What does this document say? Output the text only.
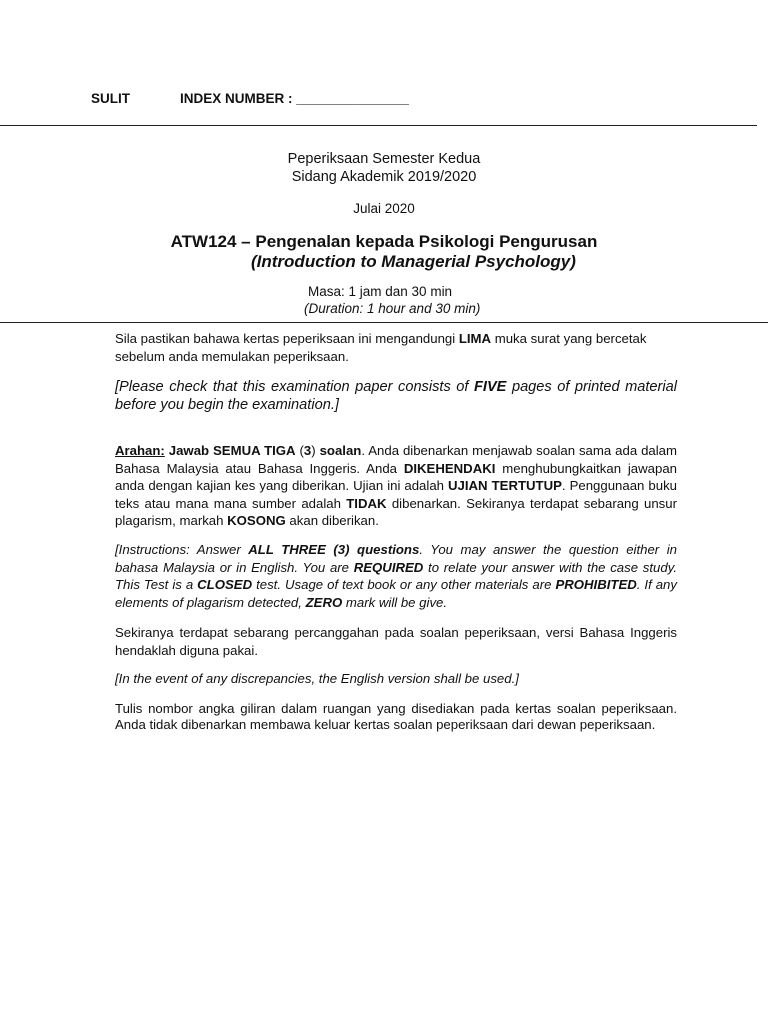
SULIT	INDEX NUMBER : _______________
Peperiksaan Semester Kedua
Sidang Akademik 2019/2020
Julai 2020
ATW124 – Pengenalan kepada Psikologi Pengurusan
(Introduction to Managerial Psychology)
Masa: 1 jam dan 30 min
(Duration: 1 hour and 30 min)
Sila pastikan bahawa kertas peperiksaan ini mengandungi LIMA muka surat yang bercetak sebelum anda memulakan peperiksaan.
[Please check that this examination paper consists of FIVE pages of printed material before you begin the examination.]
Arahan: Jawab SEMUA TIGA (3) soalan. Anda dibenarkan menjawab soalan sama ada dalam Bahasa Malaysia atau Bahasa Inggeris. Anda DIKEHENDAKI menghubungkaitkan jawapan anda dengan kajian kes yang diberikan. Ujian ini adalah UJIAN TERTUTUP. Penggunaan buku teks atau mana mana sumber adalah TIDAK dibenarkan. Sekiranya terdapat sebarang unsur plagarism, markah KOSONG akan diberikan.
[Instructions: Answer ALL THREE (3) questions. You may answer the question either in bahasa Malaysia or in English. You are REQUIRED to relate your answer with the case study. This Test is a CLOSED test. Usage of text book or any other materials are PROHIBITED. If any elements of plagarism detected, ZERO mark will be give.
Sekiranya terdapat sebarang percanggahan pada soalan peperiksaan, versi Bahasa Inggeris hendaklah diguna pakai.
[In the event of any discrepancies, the English version shall be used.]
Tulis nombor angka giliran dalam ruangan yang disediakan pada kertas soalan peperiksaan. Anda tidak dibenarkan membawa keluar kertas soalan peperiksaan dari dewan peperiksaan.
